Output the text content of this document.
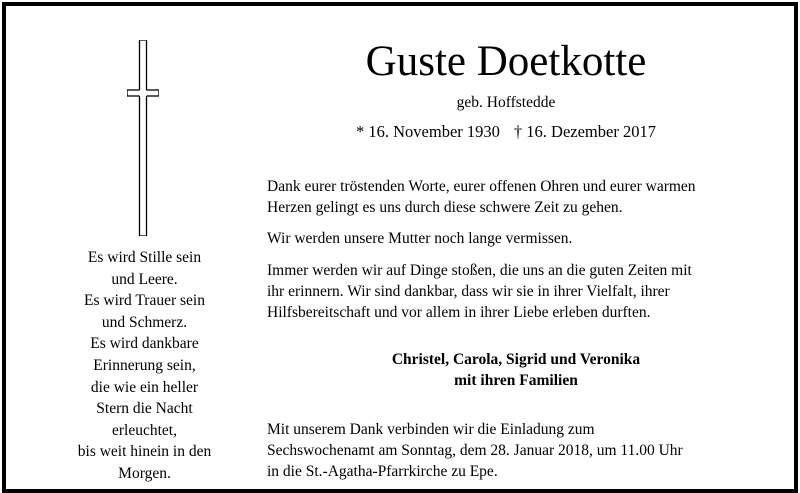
Es wird Stille sein
und Leere.
Es wird Trauer sein
und Schmerz.
Es wird dankbare
Erinnerung sein,
die wie ein heller
Stern die Nacht
erleuchtet,
bis weit hinein in den
Morgen.
Guste Doetkotte
geb. Hoffstedde
* 16. November 1930 † 16. Dezember 2017
Dank eurer tröstenden Worte, eurer offenen Ohren und eurer warmen
Herzen gelingt es uns durch diese schwere Zeit zu gehen.
Wir werden unsere Mutter noch lange vermissen.
Immer werden wir auf Dinge stoßen, die uns an die guten Zeiten mit
ihr erinnern. Wir sind dankbar, dass wir sie in ihrer Vielfalt, ihrer
Hilfsbereitschaft und vor allem in ihrer Liebe erleben durften.
Christel, Carola, Sigrid und Veronika
mit ihren Familien
Mit unserem Dank verbinden wir die Einladung zum
Sechswochenamt am Sonntag, dem 28. Januar 2018, um 11.00 Uhr
in die St.-Agatha-Pfarrkirche zu Epe.
